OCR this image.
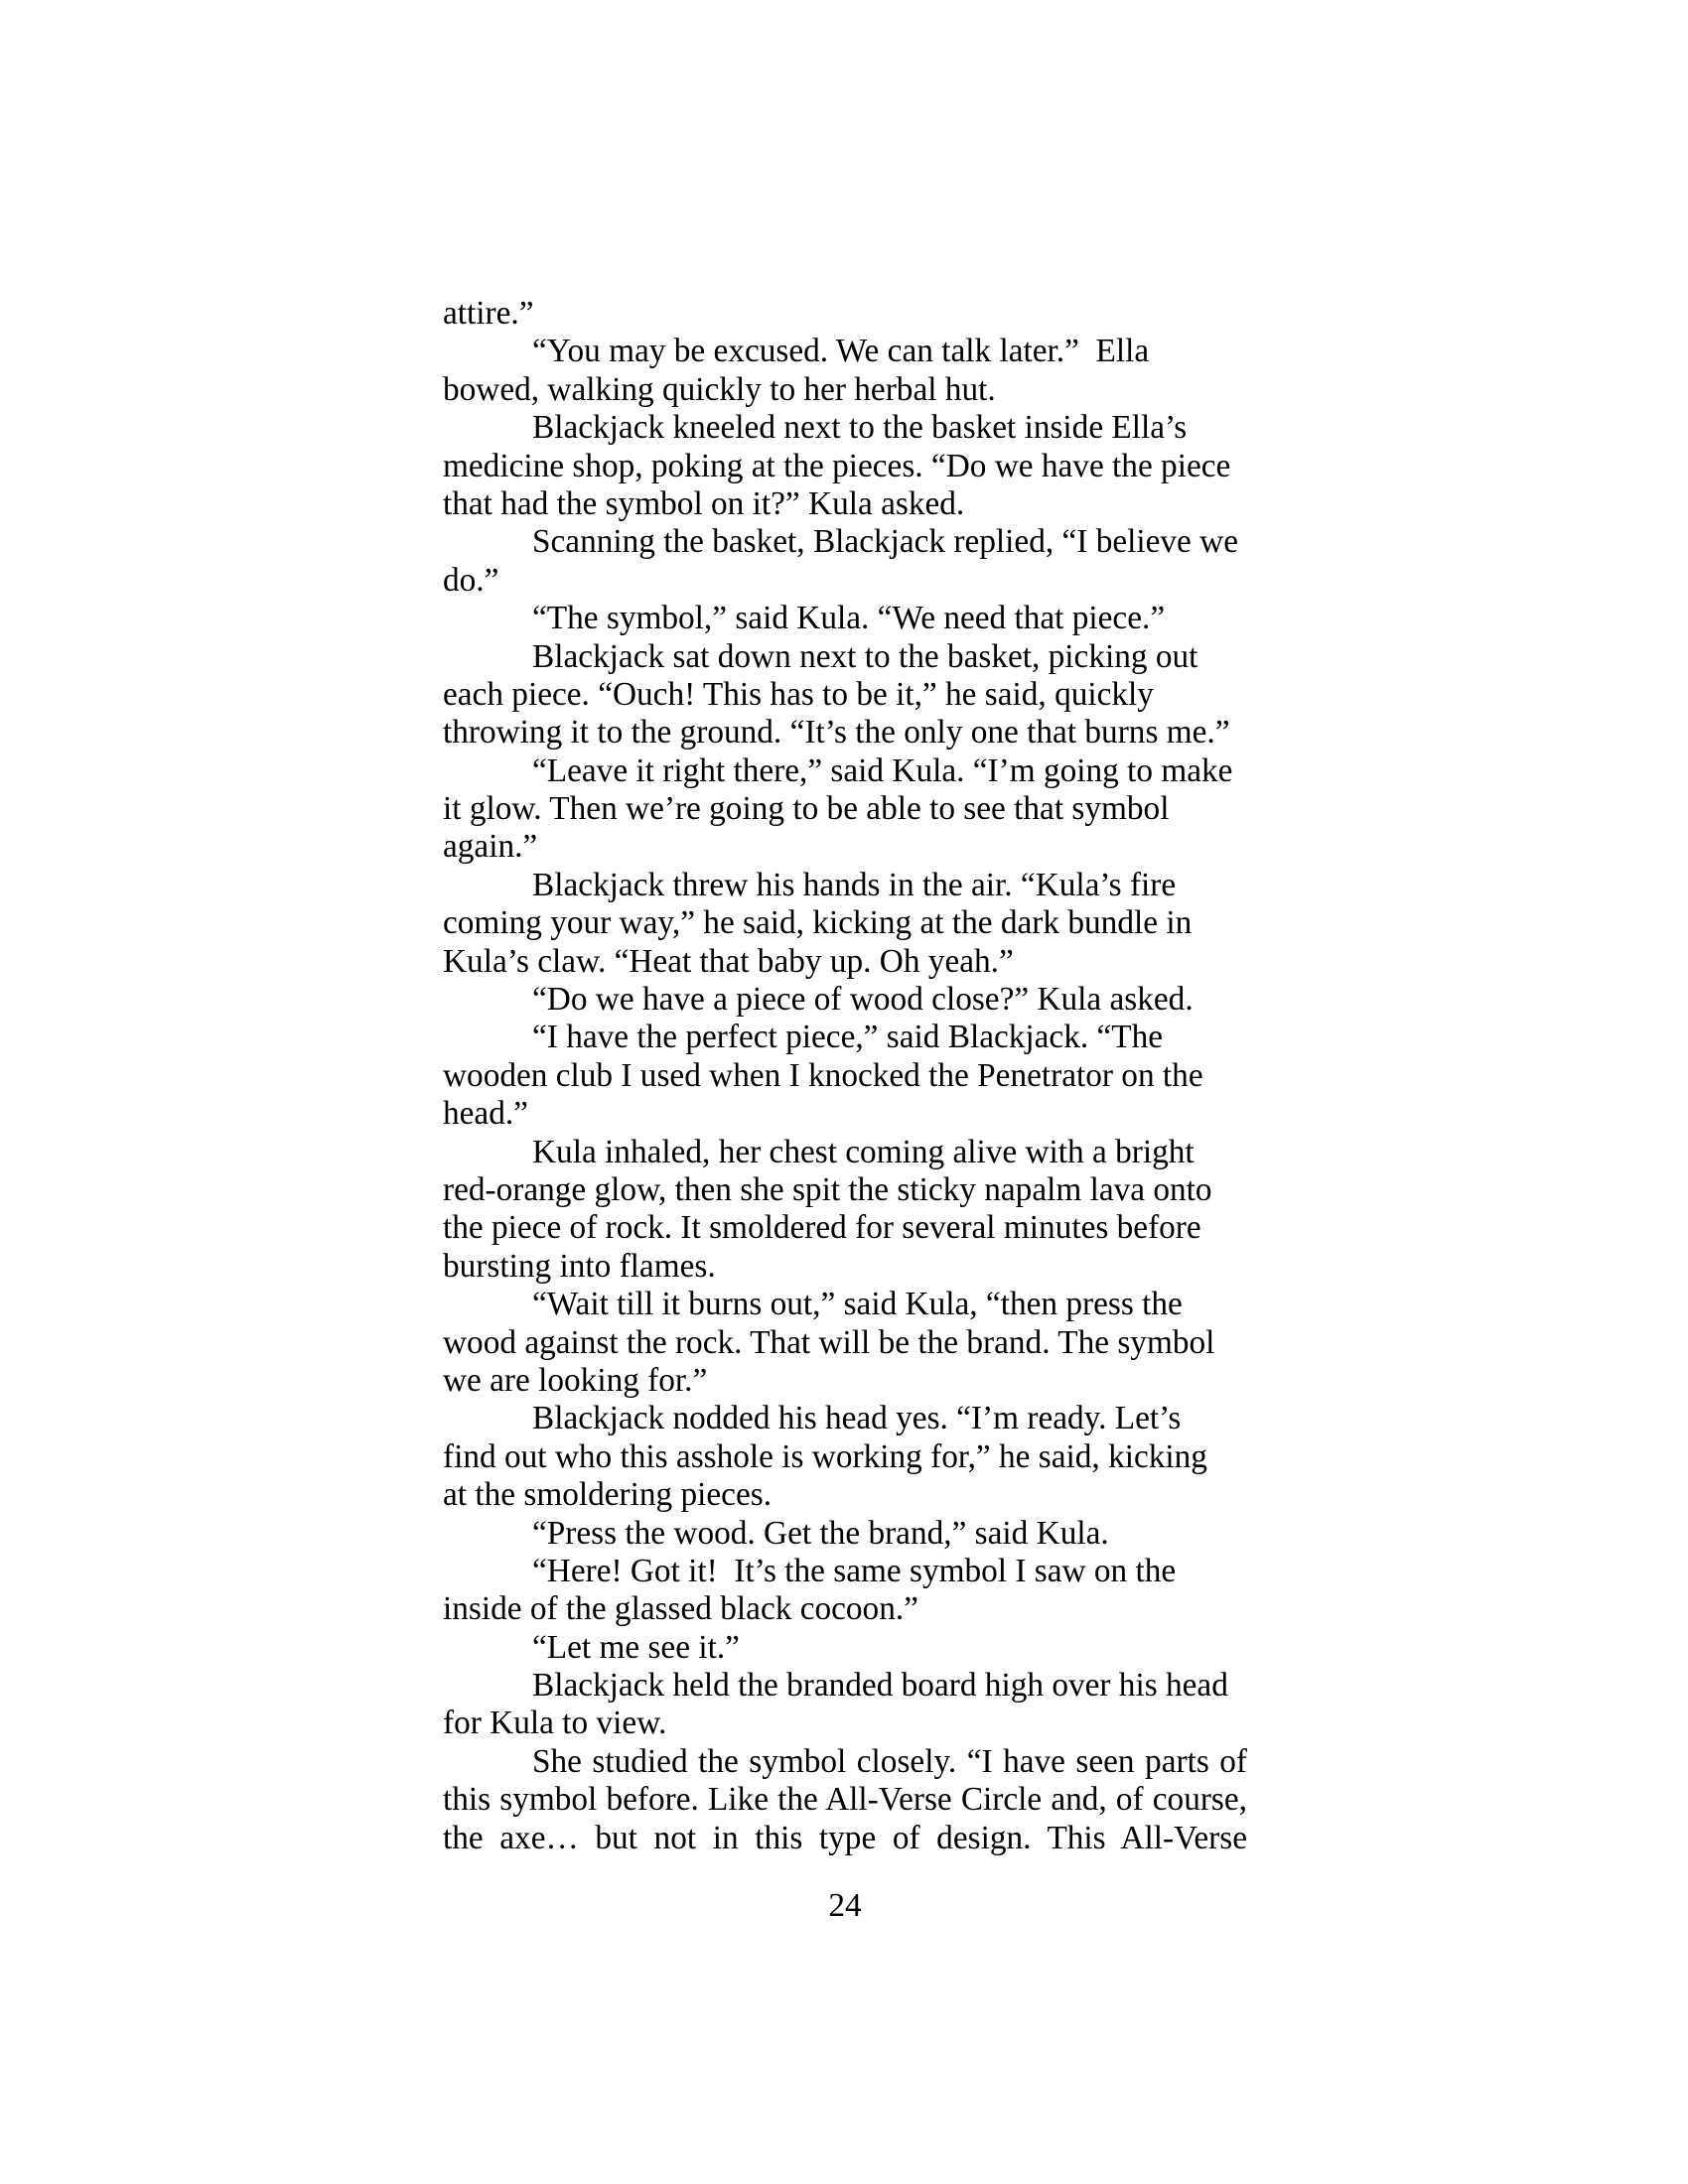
attire.”
“You may be excused. We can talk later.”  Ella
bowed, walking quickly to her herbal hut.
Blackjack kneeled next to the basket inside Ella’s
medicine shop, poking at the pieces. “Do we have the piece
that had the symbol on it?” Kula asked.
Scanning the basket, Blackjack replied, “I believe we
do.”
“The symbol,” said Kula. “We need that piece.”
Blackjack sat down next to the basket, picking out
each piece. “Ouch! This has to be it,” he said, quickly
throwing it to the ground. “It’s the only one that burns me.”
“Leave it right there,” said Kula. “I’m going to make
it glow. Then we’re going to be able to see that symbol
again.”
Blackjack threw his hands in the air. “Kula’s fire
coming your way,” he said, kicking at the dark bundle in
Kula’s claw. “Heat that baby up. Oh yeah.”
“Do we have a piece of wood close?” Kula asked.
“I have the perfect piece,” said Blackjack. “The
wooden club I used when I knocked the Penetrator on the
head.”
Kula inhaled, her chest coming alive with a bright
red-orange glow, then she spit the sticky napalm lava onto
the piece of rock. It smoldered for several minutes before
bursting into flames.
“Wait till it burns out,” said Kula, “then press the
wood against the rock. That will be the brand. The symbol
we are looking for.”
Blackjack nodded his head yes. “I’m ready. Let’s
find out who this asshole is working for,” he said, kicking
at the smoldering pieces.
“Press the wood. Get the brand,” said Kula.
“Here! Got it!  It’s the same symbol I saw on the
inside of the glassed black cocoon.”
“Let me see it.”
Blackjack held the branded board high over his head
for Kula to view.
She studied the symbol closely. “I have seen parts of
this symbol before. Like the All-Verse Circle and, of course,
the axe… but not in this type of design. This All-Verse
24
